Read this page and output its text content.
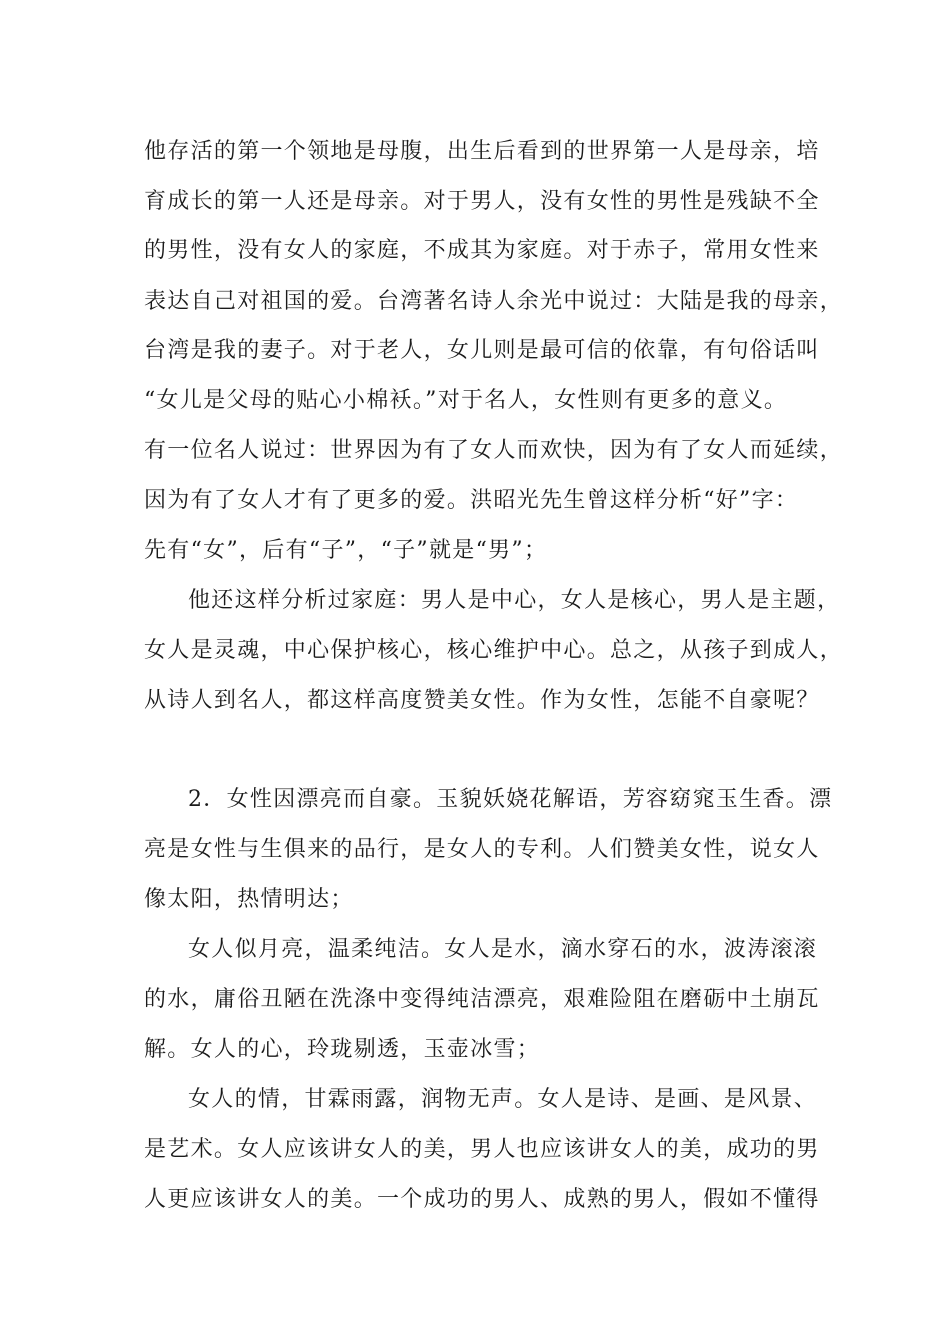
他存活的第一个领地是母腹，出生后看到的世界第一人是母亲，培
育成长的第一人还是母亲。对于男人，没有女性的男性是残缺不全
的男性，没有女人的家庭，不成其为家庭。对于赤子，常用女性来
表达自己对祖国的爱。台湾著名诗人余光中说过：大陆是我的母亲，
台湾是我的妻子。对于老人，女儿则是最可信的依靠，有句俗话叫
“女儿是父母的贴心小棉袄。”对于名人，女性则有更多的意义。
有一位名人说过：世界因为有了女人而欢快，因为有了女人而延续，
因为有了女人才有了更多的爱。洪昭光先生曾这样分析“好”字：
先有“女”，后有“子”，“子”就是“男”；
他还这样分析过家庭：男人是中心，女人是核心，男人是主题，
女人是灵魂，中心保护核心，核心维护中心。总之，从孩子到成人，
从诗人到名人，都这样高度赞美女性。作为女性，怎能不自豪呢？
2．女性因漂亮而自豪。玉貌妖娆花解语，芳容窈窕玉生香。漂
亮是女性与生俱来的品行，是女人的专利。人们赞美女性，说女人
像太阳，热情明达；
女人似月亮，温柔纯洁。女人是水，滴水穿石的水，波涛滚滚
的水，庸俗丑陋在洗涤中变得纯洁漂亮，艰难险阻在磨砺中土崩瓦
解。女人的心，玲珑剔透，玉壶冰雪；
女人的情，甘霖雨露，润物无声。女人是诗、是画、是风景、
是艺术。女人应该讲女人的美，男人也应该讲女人的美，成功的男
人更应该讲女人的美。一个成功的男人、成熟的男人，假如不懂得
